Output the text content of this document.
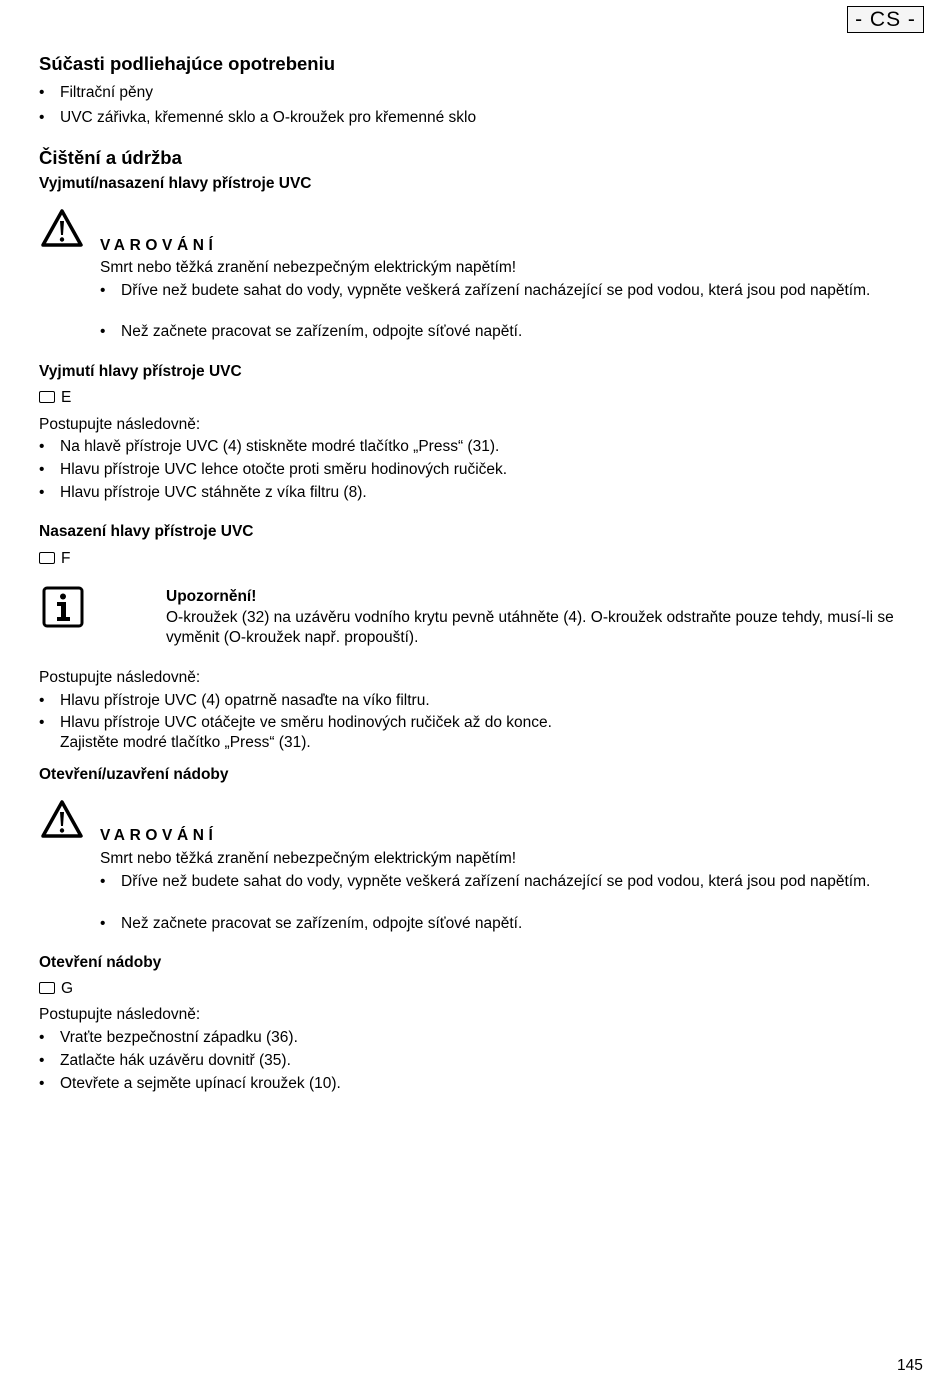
- CS -
Súčasti podliehajúce opotrebeniu
• Filtrační pěny
• UVC zářivka, křemenné sklo a O-kroužek pro křemenné sklo
Čištění a údržba
Vyjmutí/nasazení hlavy přístroje UVC
VAROVÁNÍ
Smrt nebo těžká zranění nebezpečným elektrickým napětím!
• Dříve než budete sahat do vody, vypněte veškerá zařízení nacházející se pod vodou, která jsou pod napětím.
• Než začnete pracovat se zařízením, odpojte síťové napětí.
Vyjmutí hlavy přístroje UVC
E
Postupujte následovně:
• Na hlavě přístroje UVC (4) stiskněte modré tlačítko „Press“ (31).
• Hlavu přístroje UVC lehce otočte proti směru hodinových ručiček.
• Hlavu přístroje UVC stáhněte z víka filtru (8).
Nasazení hlavy přístroje UVC
F
Upozornění!
O-kroužek (32) na uzávěru vodního krytu pevně utáhněte (4). O-kroužek odstraňte pouze tehdy, musí-li se vyměnit (O-kroužek např. propouští).
Postupujte následovně:
• Hlavu přístroje UVC (4) opatrně nasaďte na víko filtru.
• Hlavu přístroje UVC otáčejte ve směru hodinových ručiček až do konce.
Zajistěte modré tlačítko „Press“ (31).
Otevření/uzavření nádoby
VAROVÁNÍ
Smrt nebo těžká zranění nebezpečným elektrickým napětím!
• Dříve než budete sahat do vody, vypněte veškerá zařízení nacházející se pod vodou, která jsou pod napětím.
• Než začnete pracovat se zařízením, odpojte síťové napětí.
Otevření nádoby
G
Postupujte následovně:
• Vraťte bezpečnostní západku (36).
• Zatlačte hák uzávěru dovnitř (35).
• Otevřete a sejměte upínací kroužek (10).
145
